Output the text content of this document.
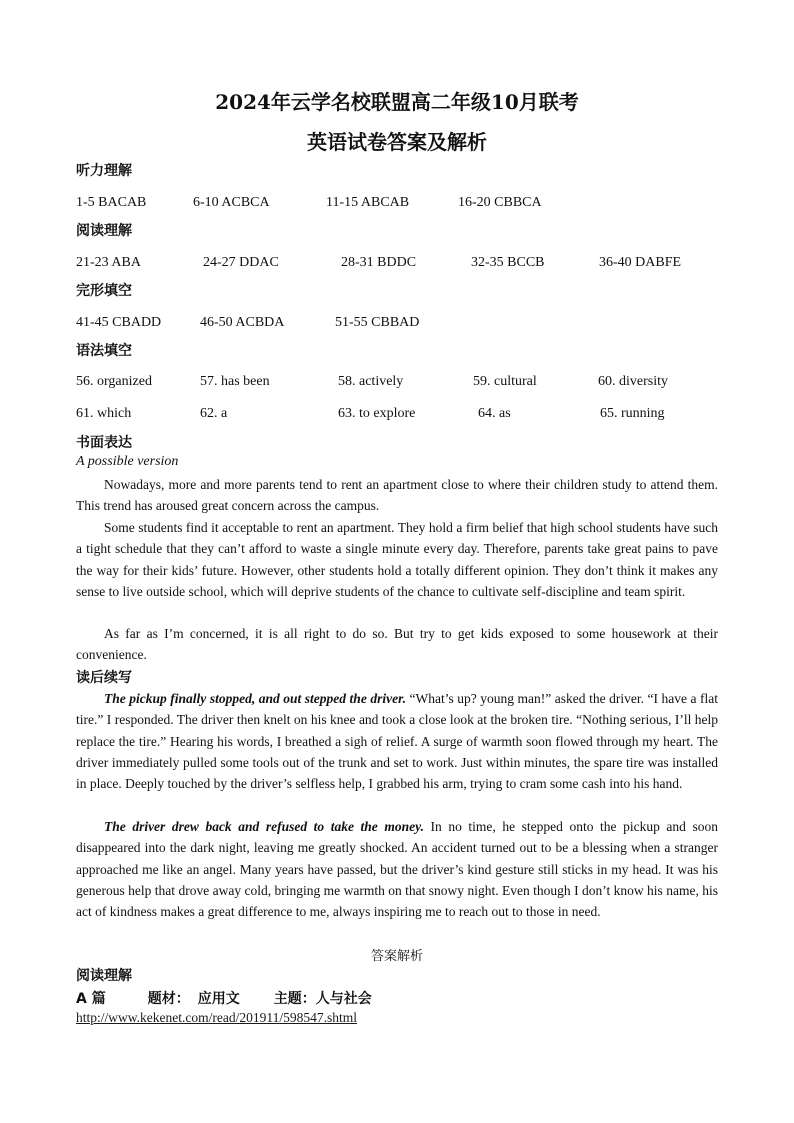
2024年云学名校联盟高二年级10月联考
英语试卷答案及解析
听力理解
1-5 BACAB	6-10 ACBCA	11-15 ABCAB	16-20 CBBCA
阅读理解
21-23 ABA	24-27 DDAC	28-31 BDDC	32-35 BCCB	36-40 DABFE
完形填空
41-45 CBADD	46-50 ACBDA	51-55 CBBAD
语法填空
56. organized	57. has been	58. actively	59. cultural	60. diversity
61. which	62. a	63. to explore	64. as	65. running
书面表达
A possible version

Nowadays, more and more parents tend to rent an apartment close to where their children study to attend them. This trend has aroused great concern across the campus.

Some students find it acceptable to rent an apartment. They hold a firm belief that high school students have such a tight schedule that they can’t afford to waste a single minute every day. Therefore, parents take great pains to pave the way for their kids’ future. However, other students hold a totally different opinion. They don’t think it makes any sense to live outside school, which will deprive students of the chance to cultivate self-discipline and team spirit.

As far as I’m concerned, it is all right to do so. But try to get kids exposed to some housework at their convenience.

读后续写

The pickup finally stopped, and out stepped the driver. “What’s up? young man!” asked the driver. “I have a flat tire.” I responded. The driver then knelt on his knee and took a close look at the broken tire. “Nothing serious, I’ll help replace the tire.” Hearing his words, I breathed a sigh of relief. A surge of warmth soon flowed through my heart. The driver immediately pulled some tools out of the trunk and set to work. Just within minutes, the spare tire was installed in place. Deeply touched by the driver’s selfless help, I grabbed his arm, trying to cram some cash into his hand.

The driver drew back and refused to take the money. In no time, he stepped onto the pickup and soon disappeared into the dark night, leaving me greatly shocked. An accident turned out to be a blessing when a stranger approached me like an angel. Many years have passed, but the driver’s kind gesture still sticks in my head. It was his generous help that drove away cold, bringing me warmth on that snowy night. Even though I don’t know his name, his act of kindness makes a great difference to me, always inspiring me to reach out to those in need.

答案解析
阅读理解
A 篇	题材： 应用文 主题：人与社会
http://www.kekenet.com/read/201911/598547.shtml
